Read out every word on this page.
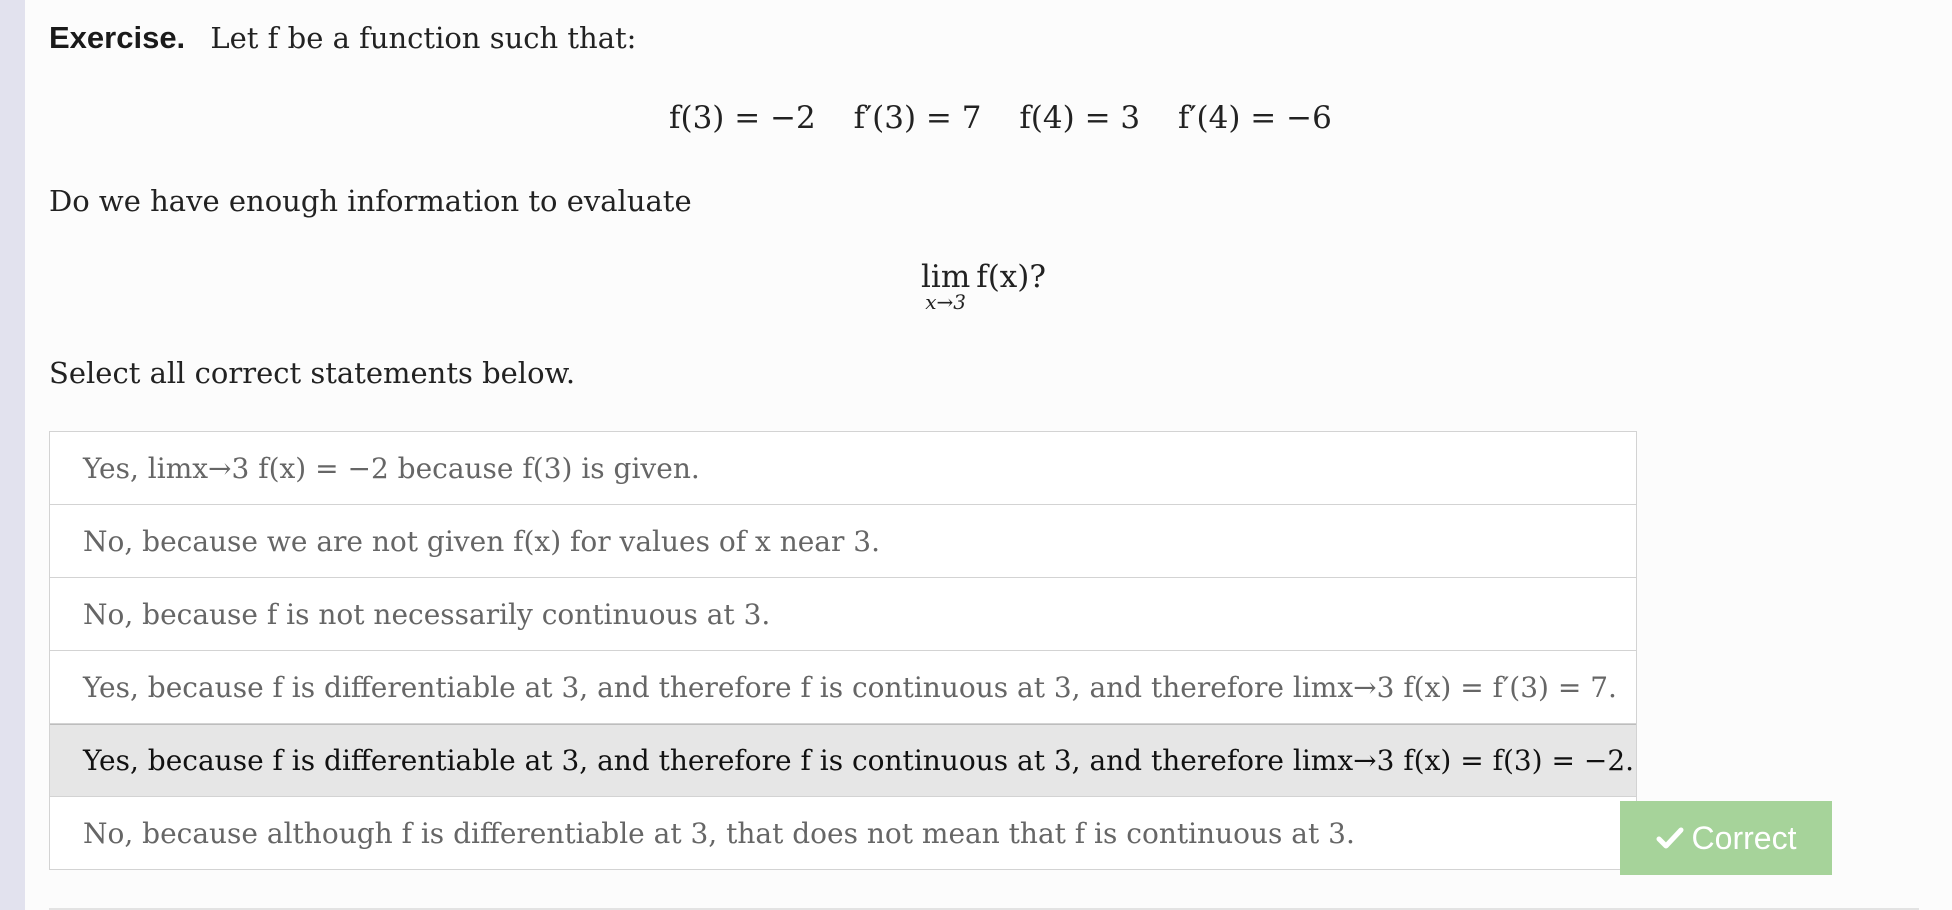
Exercise. Let f be a function such that:
f(3) = −2 f′(3) = 7 f(4) = 3 f′(4) = −6
Do we have enough information to evaluate
lim
x→3
f(x)?
Select all correct statements below.
Yes, limx→3 f(x) = −2 because f(3) is given.
No, because we are not given f(x) for values of x near 3.
No, because f is not necessarily continuous at 3.
Yes, because f is differentiable at 3, and therefore f is continuous at 3, and therefore limx→3 f(x) = f′(3) = 7.
Yes, because f is differentiable at 3, and therefore f is continuous at 3, and therefore limx→3 f(x) = f(3) = −2.
No, because although f is differentiable at 3, that does not mean that f is continuous at 3.	Correct
